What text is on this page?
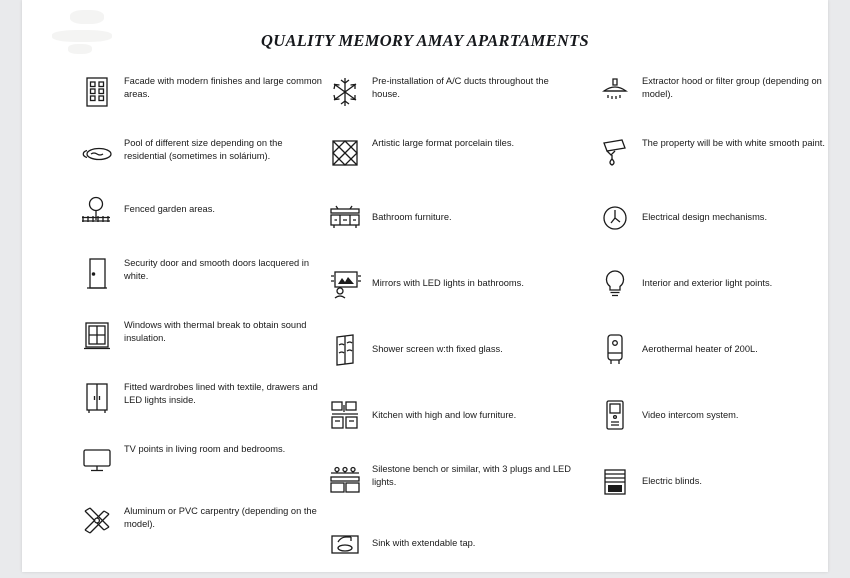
QUALITY MEMORY AMAY APARTAMENTS
Facade with modern finishes and large common areas.
Pool of different size depending on the residential (sometimes in solárium).
Fenced garden areas.
Security door and smooth doors lacquered in white.
Windows with thermal break to obtain sound insulation.
Fitted wardrobes lined with textile, drawers and LED lights inside.
TV points in living room and bedrooms.
Aluminum or PVC carpentry (depending on the model).
Pre-installation of A/C ducts throughout the house.
Artistic large format porcelain tiles.
Bathroom furniture.
Mirrors with LED lights in bathrooms.
Shower screen w:th fixed glass.
Kitchen with high and low furniture.
Silestone bench or similar, with 3 plugs and LED lights.
Sink with extendable tap.
Extractor hood or filter group (depending on model).
The property will be with white smooth paint.
Electrical design mechanisms.
Interior and exterior light points.
Aerothermal heater of 200L.
Video intercom system.
Electric blinds.
